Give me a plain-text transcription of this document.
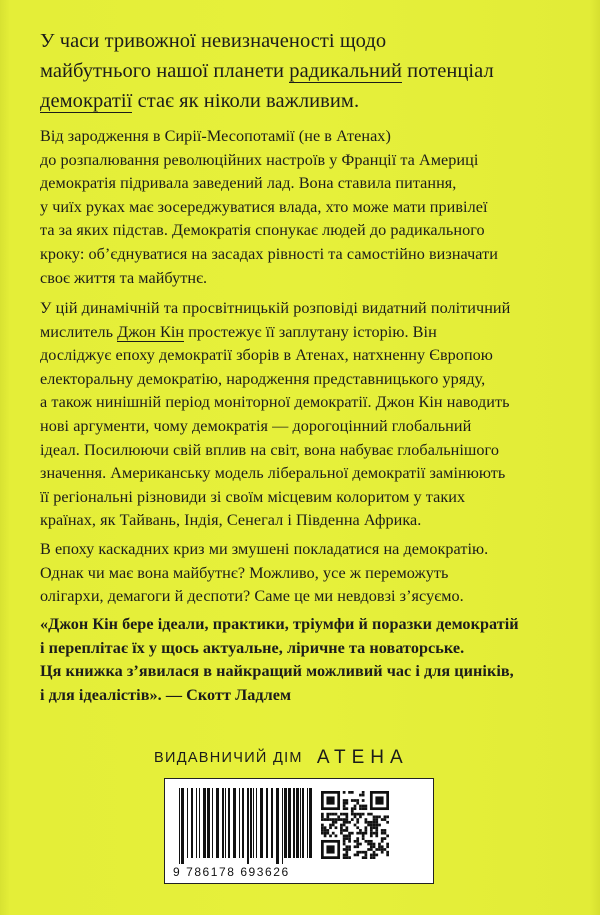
У часи тривожної невизначеності щодо
майбутнього нашої планети радикальний потенціал
демократії стає як ніколи важливим.
Від зародження в Сирії-Месопотамії (не в Атенах)
до розпалювання революційних настроїв у Франції та Америці
демократія підривала заведений лад. Вона ставила питання,
у чиїх руках має зосереджуватися влада, хто може мати привілеї
та за яких підстав. Демократія спонукає людей до радикального
кроку: об’єднуватися на засадах рівності та самостійно визначати
своє життя та майбутнє.
У цій динамічній та просвітницькій розповіді видатний політичний
мислитель Джон Кін простежує її заплутану історію. Він
досліджує епоху демократії зборів в Атенах, натхненну Європою
електоральну демократію, народження представницького уряду,
а також нинішній період моніторної демократії. Джон Кін наводить
нові аргументи, чому демократія — дорогоцінний глобальний
ідеал. Посилюючи свій вплив на світ, вона набуває глобальнішого
значення. Американську модель ліберальної демократії замінюють
її регіональні різновиди зі своїм місцевим колоритом у таких
країнах, як Тайвань, Індія, Сенегал і Південна Африка.
В епоху каскадних криз ми змушені покладатися на демократію.
Однак чи має вона майбутнє? Можливо, усе ж переможуть
олігархи, демагоги й деспоти? Саме це ми невдовзі з’ясуємо.
«Джон Кін бере ідеали, практики, тріумфи й поразки демократій
і переплітає їх у щось актуальне, ліричне та новаторське.
Ця книжка з’явилася в найкращий можливий час і для циніків,
і для ідеалістів». — Скотт Ладлем
ВИДАВНИЧИЙ ДІМ АТЕНА
9 786178 693626
